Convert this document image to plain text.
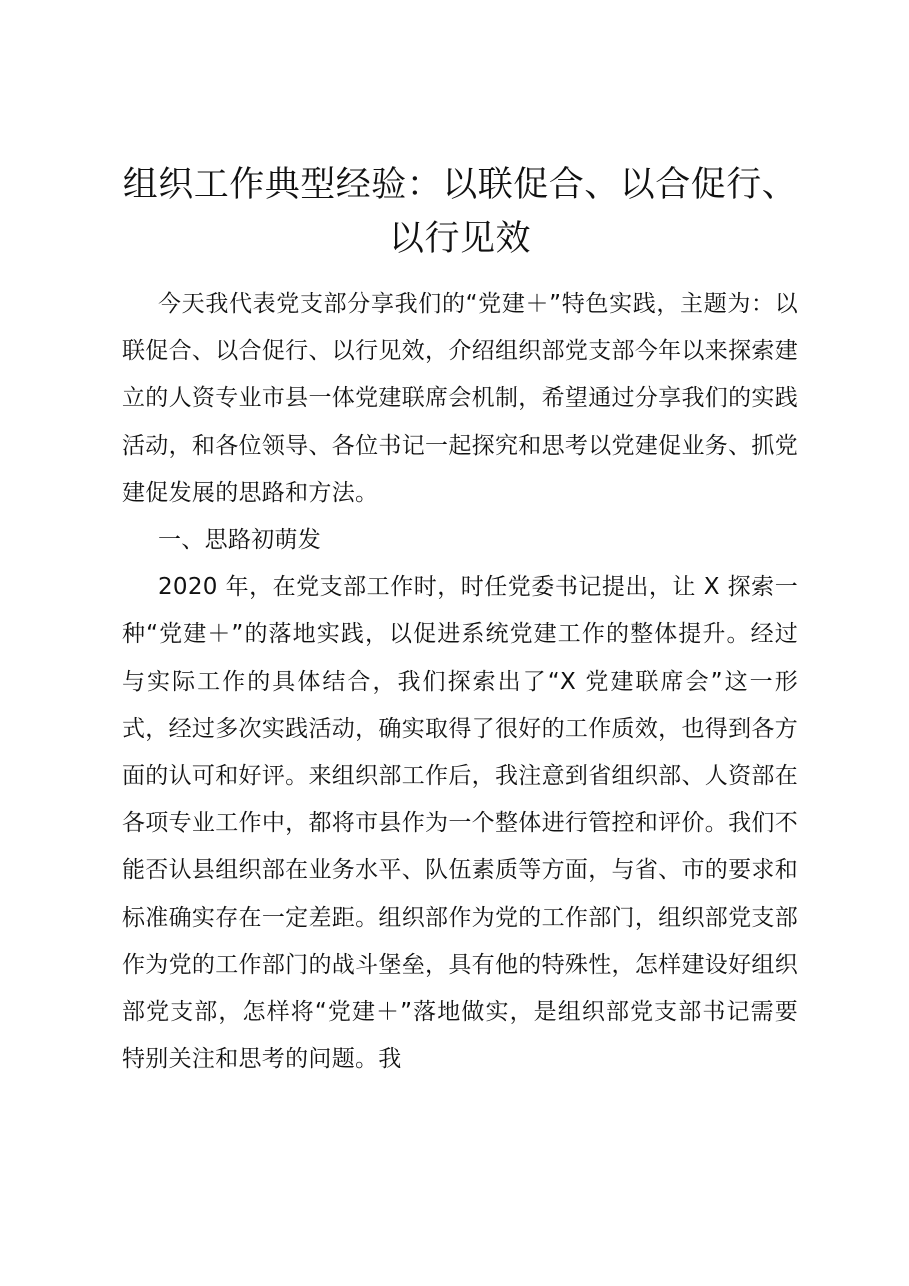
组织工作典型经验：以联促合、以合促行、以行见效

今天我代表党支部分享我们的“党建＋”特色实践，主题为：以联促合、以合促行、以行见效，介绍组织部党支部今年以来探索建立的人资专业市县一体党建联席会机制，希望通过分享我们的实践活动，和各位领导、各位书记一起探究和思考以党建促业务、抓党建促发展的思路和方法。

一、思路初萌发

2020 年，在党支部工作时，时任党委书记提出，让 X 探索一种“党建＋”的落地实践，以促进系统党建工作的整体提升。经过与实际工作的具体结合，我们探索出了“X 党建联席会”这一形式，经过多次实践活动，确实取得了很好的工作质效，也得到各方面的认可和好评。来组织部工作后，我注意到省组织部、人资部在各项专业工作中，都将市县作为一个整体进行管控和评价。我们不能否认县组织部在业务水平、队伍素质等方面，与省、市的要求和标准确实存在一定差距。组织部作为党的工作部门，组织部党支部作为党的工作部门的战斗堡垒，具有他的特殊性，怎样建设好组织部党支部，怎样将“党建＋”落地做实，是组织部党支部书记需要特别关注和思考的问题。我
